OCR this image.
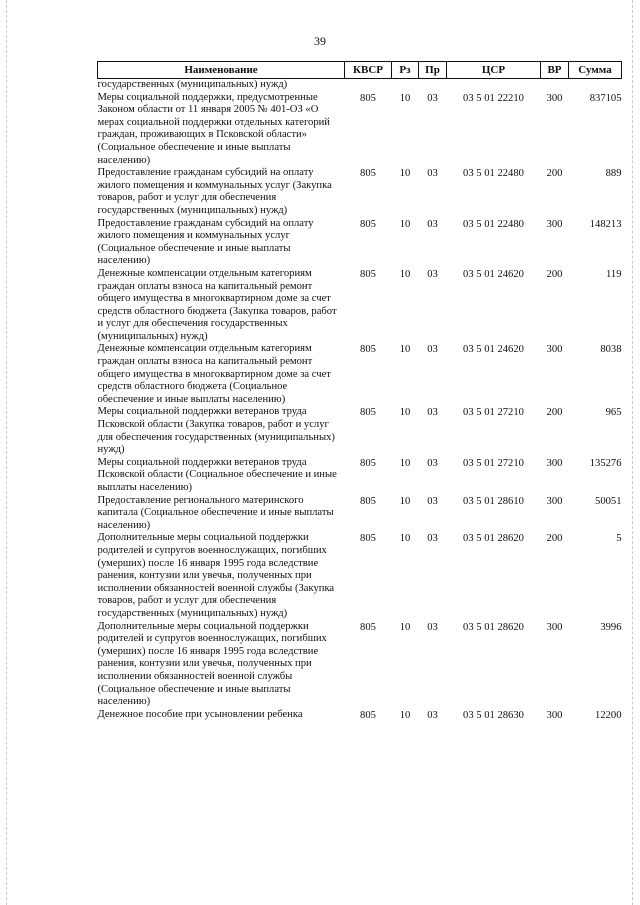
39
Наименование	КВСР	Рз	Пр	ЦСР	ВР	Сумма
государственных (муниципальных) нужд)						
Меры социальной поддержки, предусмотренные Законом области от 11 января 2005 № 401-ОЗ «О мерах социальной поддержки отдельных категорий граждан, проживающих в Псковской области» (Социальное обеспечение и иные выплаты населению)	805	10	03	03 5 01 22210	300	837105
Предоставление гражданам субсидий на оплату жилого помещения и коммунальных услуг (Закупка товаров, работ и услуг для обеспечения государственных (муниципальных) нужд)	805	10	03	03 5 01 22480	200	889
Предоставление гражданам субсидий на оплату жилого помещения и коммунальных услуг (Социальное обеспечение и иные выплаты населению)	805	10	03	03 5 01 22480	300	148213
Денежные компенсации отдельным категориям граждан оплаты взноса на капитальный ремонт общего имущества в многоквартирном доме за счет средств областного бюджета (Закупка товаров, работ и услуг для обеспечения государственных (муниципальных) нужд)	805	10	03	03 5 01 24620	200	119
Денежные компенсации отдельным категориям граждан оплаты взноса на капитальный ремонт общего имущества в многоквартирном доме за счет средств областного бюджета (Социальное обеспечение и иные выплаты населению)	805	10	03	03 5 01 24620	300	8038
Меры социальной поддержки ветеранов труда Псковской области (Закупка товаров, работ и услуг для обеспечения государственных (муниципальных) нужд)	805	10	03	03 5 01 27210	200	965
Меры социальной поддержки ветеранов труда Псковской области (Социальное обеспечение и иные выплаты населению)	805	10	03	03 5 01 27210	300	135276
Предоставление регионального материнского капитала (Социальное обеспечение и иные выплаты населению)	805	10	03	03 5 01 28610	300	50051
Дополнительные меры социальной поддержки родителей и супругов военнослужащих, погибших (умерших) после 16 января 1995 года вследствие ранения, контузии или увечья, полученных при исполнении обязанностей военной службы (Закупка товаров, работ и услуг для обеспечения государственных (муниципальных) нужд)	805	10	03	03 5 01 28620	200	5
Дополнительные меры социальной поддержки родителей и супругов военнослужащих, погибших (умерших) после 16 января 1995 года вследствие ранения, контузии или увечья, полученных при исполнении обязанностей военной службы (Социальное обеспечение и иные выплаты населению)	805	10	03	03 5 01 28620	300	3996
Денежное пособие при усыновлении ребенка	805	10	03	03 5 01 28630	300	12200
